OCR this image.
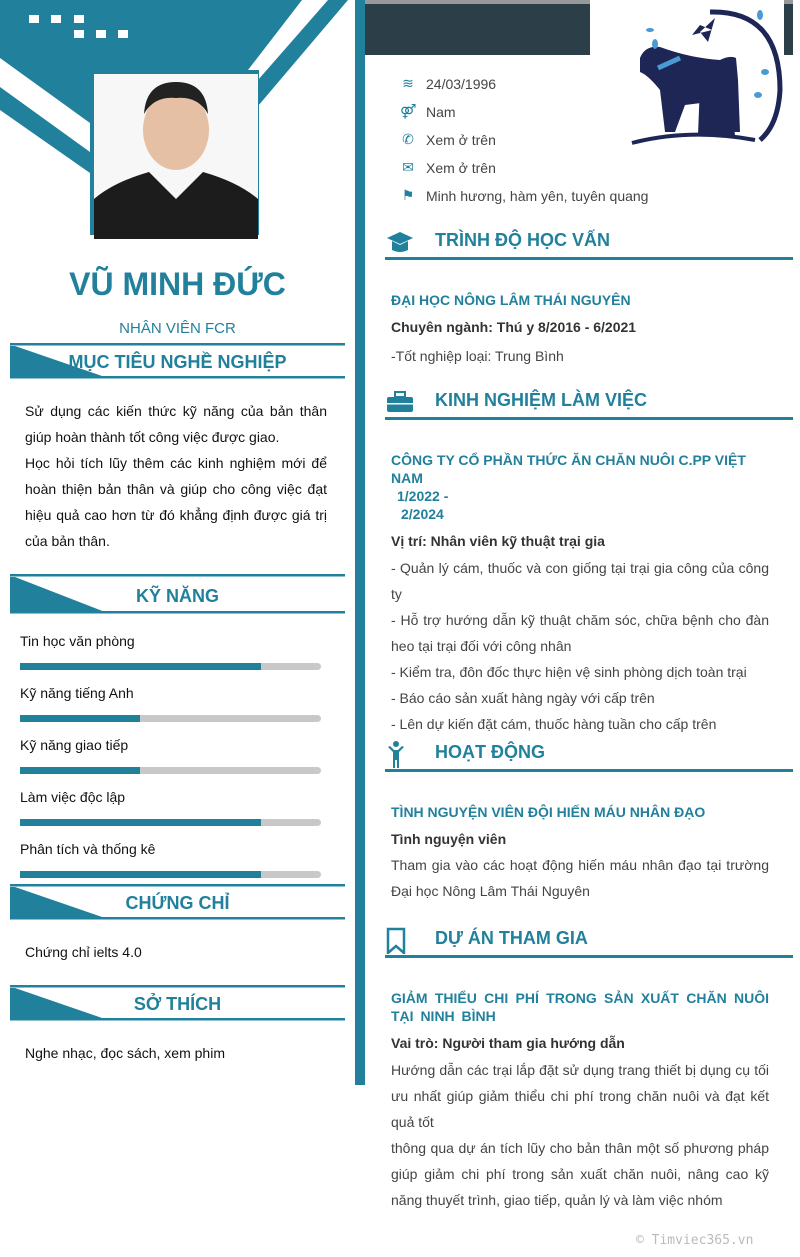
VŨ MINH ĐỨC
NHÂN VIÊN FCR
MỤC TIÊU NGHỀ NGHIỆP
Sử dụng các kiến thức kỹ năng của bản thân giúp hoàn thành tốt công việc được giao.
Học hỏi tích lũy thêm các kinh nghiệm mới để hoàn thiện bản thân và giúp cho công việc đạt hiệu quả cao hơn từ đó khẳng định được giá trị của bản thân.
KỸ NĂNG
Tin học văn phòng
Kỹ năng tiếng Anh
Kỹ năng giao tiếp
Làm việc độc lập
Phân tích và thống kê
CHỨNG CHỈ
Chứng chỉ ielts 4.0
SỞ THÍCH
Nghe nhạc, đọc sách, xem phim
≋ 24/03/1996
⚤ Nam
✆ Xem ở trên
✉ Xem ở trên
⚑ Minh hương, hàm yên, tuyên quang
TRÌNH ĐỘ HỌC VẤN
ĐẠI HỌC NÔNG LÂM THÁI NGUYÊN
Chuyên ngành: Thú y 8/2016 - 6/2021
-Tốt nghiệp loại: Trung Bình
KINH NGHIỆM LÀM VIỆC
CÔNG TY CỔ PHẦN THỨC ĂN CHĂN NUÔI C.PP VIỆT NAM
1/2022 -
2/2024
Vị trí: Nhân viên kỹ thuật trại gia
- Quản lý cám, thuốc và con giống tại trại gia công của công ty
- Hỗ trợ hướng dẫn kỹ thuật chăm sóc, chữa bệnh cho đàn heo tại trại đối với công nhân
- Kiểm tra, đôn đốc thực hiện vệ sinh phòng dịch toàn trại
- Báo cáo sản xuất hàng ngày với cấp trên
- Lên dự kiến đặt cám, thuốc hàng tuần cho cấp trên
HOẠT ĐỘNG
TÌNH NGUYỆN VIÊN ĐỘI HIẾN MÁU NHÂN ĐẠO
Tình nguyện viên
Tham gia vào các hoạt động hiến máu nhân đạo tại trường Đại học Nông Lâm Thái Nguyên
DỰ ÁN THAM GIA
GIẢM THIỂU CHI PHÍ TRONG SẢN XUẤT CHĂN NUÔI TẠI NINH BÌNH
Vai trò: Người tham gia hướng dẫn
Hướng dẫn các trại lắp đặt sử dụng trang thiết bị dụng cụ tối ưu nhất giúp giảm thiểu chi phí trong chăn nuôi và đạt kết quả tốt
thông qua dự án tích lũy cho bản thân một số phương pháp giúp giảm chi phí trong sản xuất chăn nuôi, nâng cao kỹ năng thuyết trình, giao tiếp, quản lý và làm việc nhóm
© Timviec365.vn
